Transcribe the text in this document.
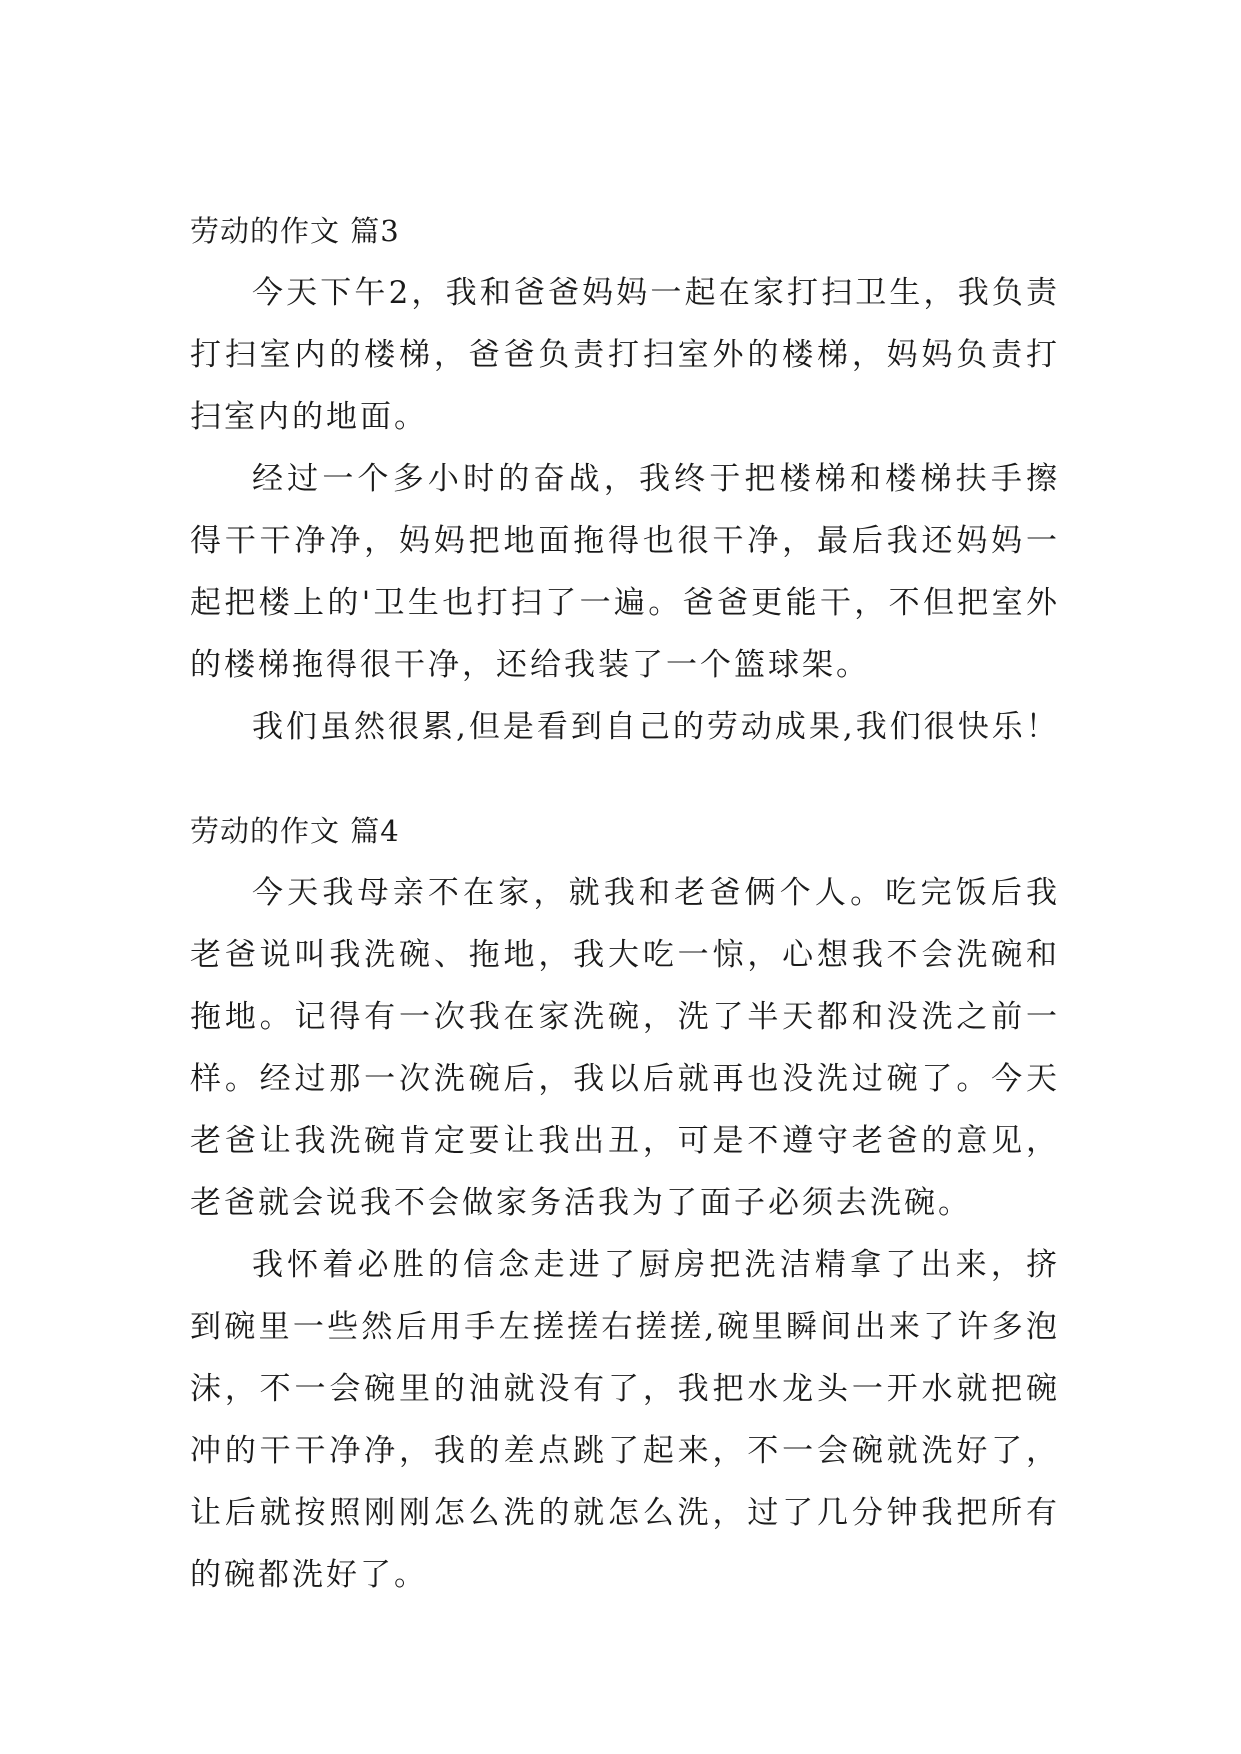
劳动的作文 篇3

今天下午2，我和爸爸妈妈一起在家打扫卫生，我负责打扫室内的楼梯，爸爸负责打扫室外的楼梯，妈妈负责打扫室内的地面。

经过一个多小时的奋战，我终于把楼梯和楼梯扶手擦得干干净净，妈妈把地面拖得也很干净，最后我还妈妈一起把楼上的'卫生也打扫了一遍。爸爸更能干，不但把室外的楼梯拖得很干净，还给我装了一个篮球架。

我们虽然很累,但是看到自己的劳动成果,我们很快乐！

劳动的作文 篇4

今天我母亲不在家，就我和老爸俩个人。吃完饭后我老爸说叫我洗碗、拖地，我大吃一惊，心想我不会洗碗和拖地。记得有一次我在家洗碗，洗了半天都和没洗之前一样。经过那一次洗碗后，我以后就再也没洗过碗了。今天老爸让我洗碗肯定要让我出丑，可是不遵守老爸的意见，老爸就会说我不会做家务活我为了面子必须去洗碗。

我怀着必胜的信念走进了厨房把洗洁精拿了出来，挤到碗里一些然后用手左搓搓右搓搓,碗里瞬间出来了许多泡沫，不一会碗里的油就没有了，我把水龙头一开水就把碗冲的干干净净，我的差点跳了起来，不一会碗就洗好了，让后就按照刚刚怎么洗的就怎么洗，过了几分钟我把所有的碗都洗好了。
